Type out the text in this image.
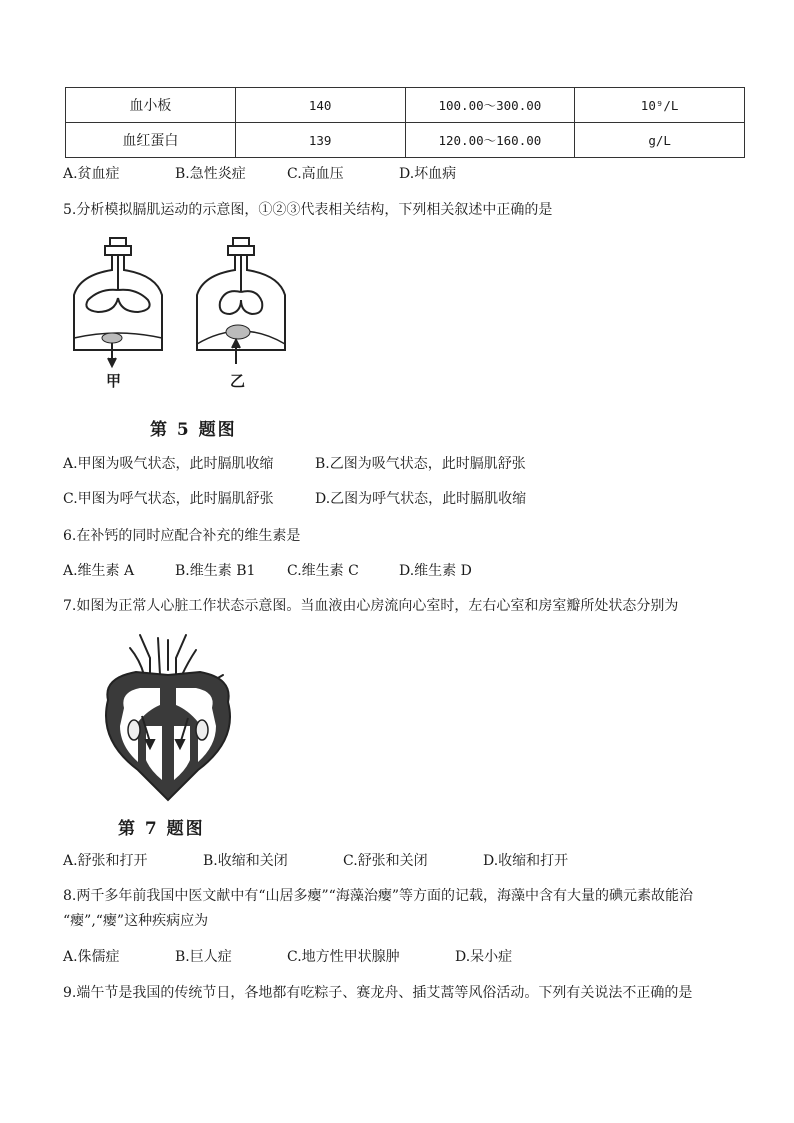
血小板	140	100.00～300.00	10⁹/L
血红蛋白	139	120.00～160.00	g/L
A.贫血症	B.急性炎症	C.高血压	D.坏血病
5.分析模拟膈肌运动的示意图，①②③代表相关结构，下列相关叙述中正确的是
甲	乙
第 5 题图
A.甲图为吸气状态，此时膈肌收缩	B.乙图为吸气状态，此时膈肌舒张
C.甲图为呼气状态，此时膈肌舒张	D.乙图为呼气状态，此时膈肌收缩
6.在补钙的同时应配合补充的维生素是
A.维生素 A	B.维生素 B1 C.维生素 C	D.维生素 D
7.如图为正常人心脏工作状态示意图。当血液由心房流向心室时，左右心室和房室瓣所处状态分别为
第 7 题图
A.舒张和打开	B.收缩和关闭	C.舒张和关闭	D.收缩和打开
8.两千多年前我国中医文献中有“山居多瘿”“海藻治瘿”等方面的记载，海藻中含有大量的碘元素故能治
“瘿”,“瘿”这种疾病应为
A.侏儒症	B.巨人症	C.地方性甲状腺肿	D.呆小症
9.端午节是我国的传统节日，各地都有吃粽子、赛龙舟、插艾蒿等风俗活动。下列有关说法不正确的是
